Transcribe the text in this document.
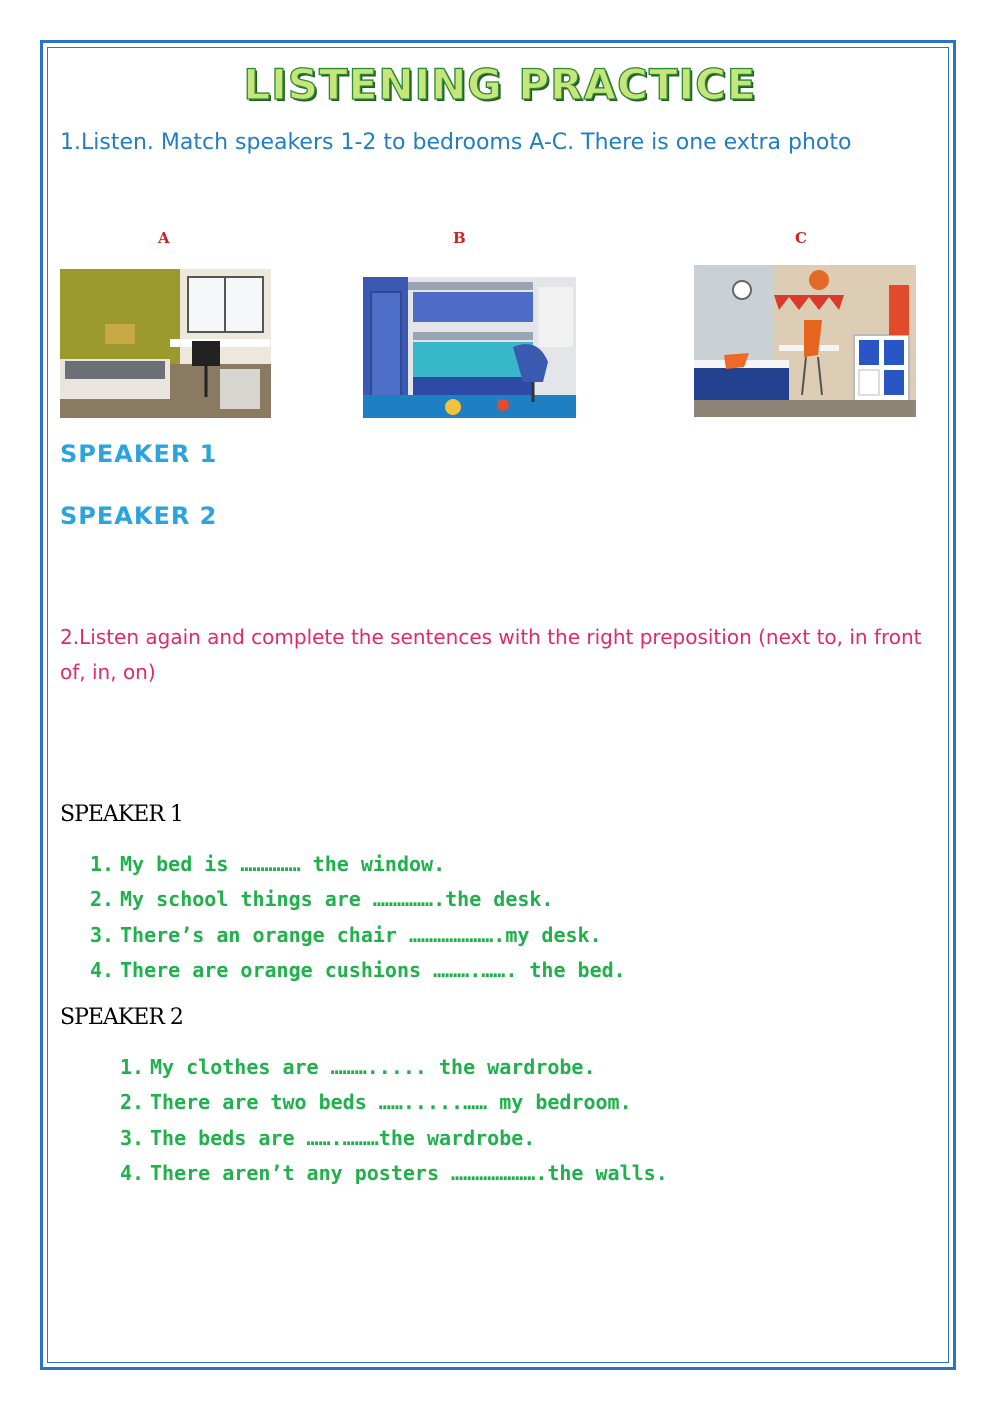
LISTENING PRACTICE
1.Listen. Match speakers 1-2 to bedrooms A-C. There is one extra photo
A	B	C
SPEAKER 1
SPEAKER 2
2.Listen again and complete the sentences with the right preposition (next to, in front of, in, on)
SPEAKER 1
1. My bed is …………… the window.
2. My school things are …………….the desk.
3. There’s an orange chair ………………….my desk.
4. There are orange cushions ……….……. the bed.
SPEAKER 2
1. My clothes are ………..... the wardrobe.
2. There are two beds …….....…… my bedroom.
3. The beds are …….………the wardrobe.
4. There aren’t any posters ………………….the walls.
